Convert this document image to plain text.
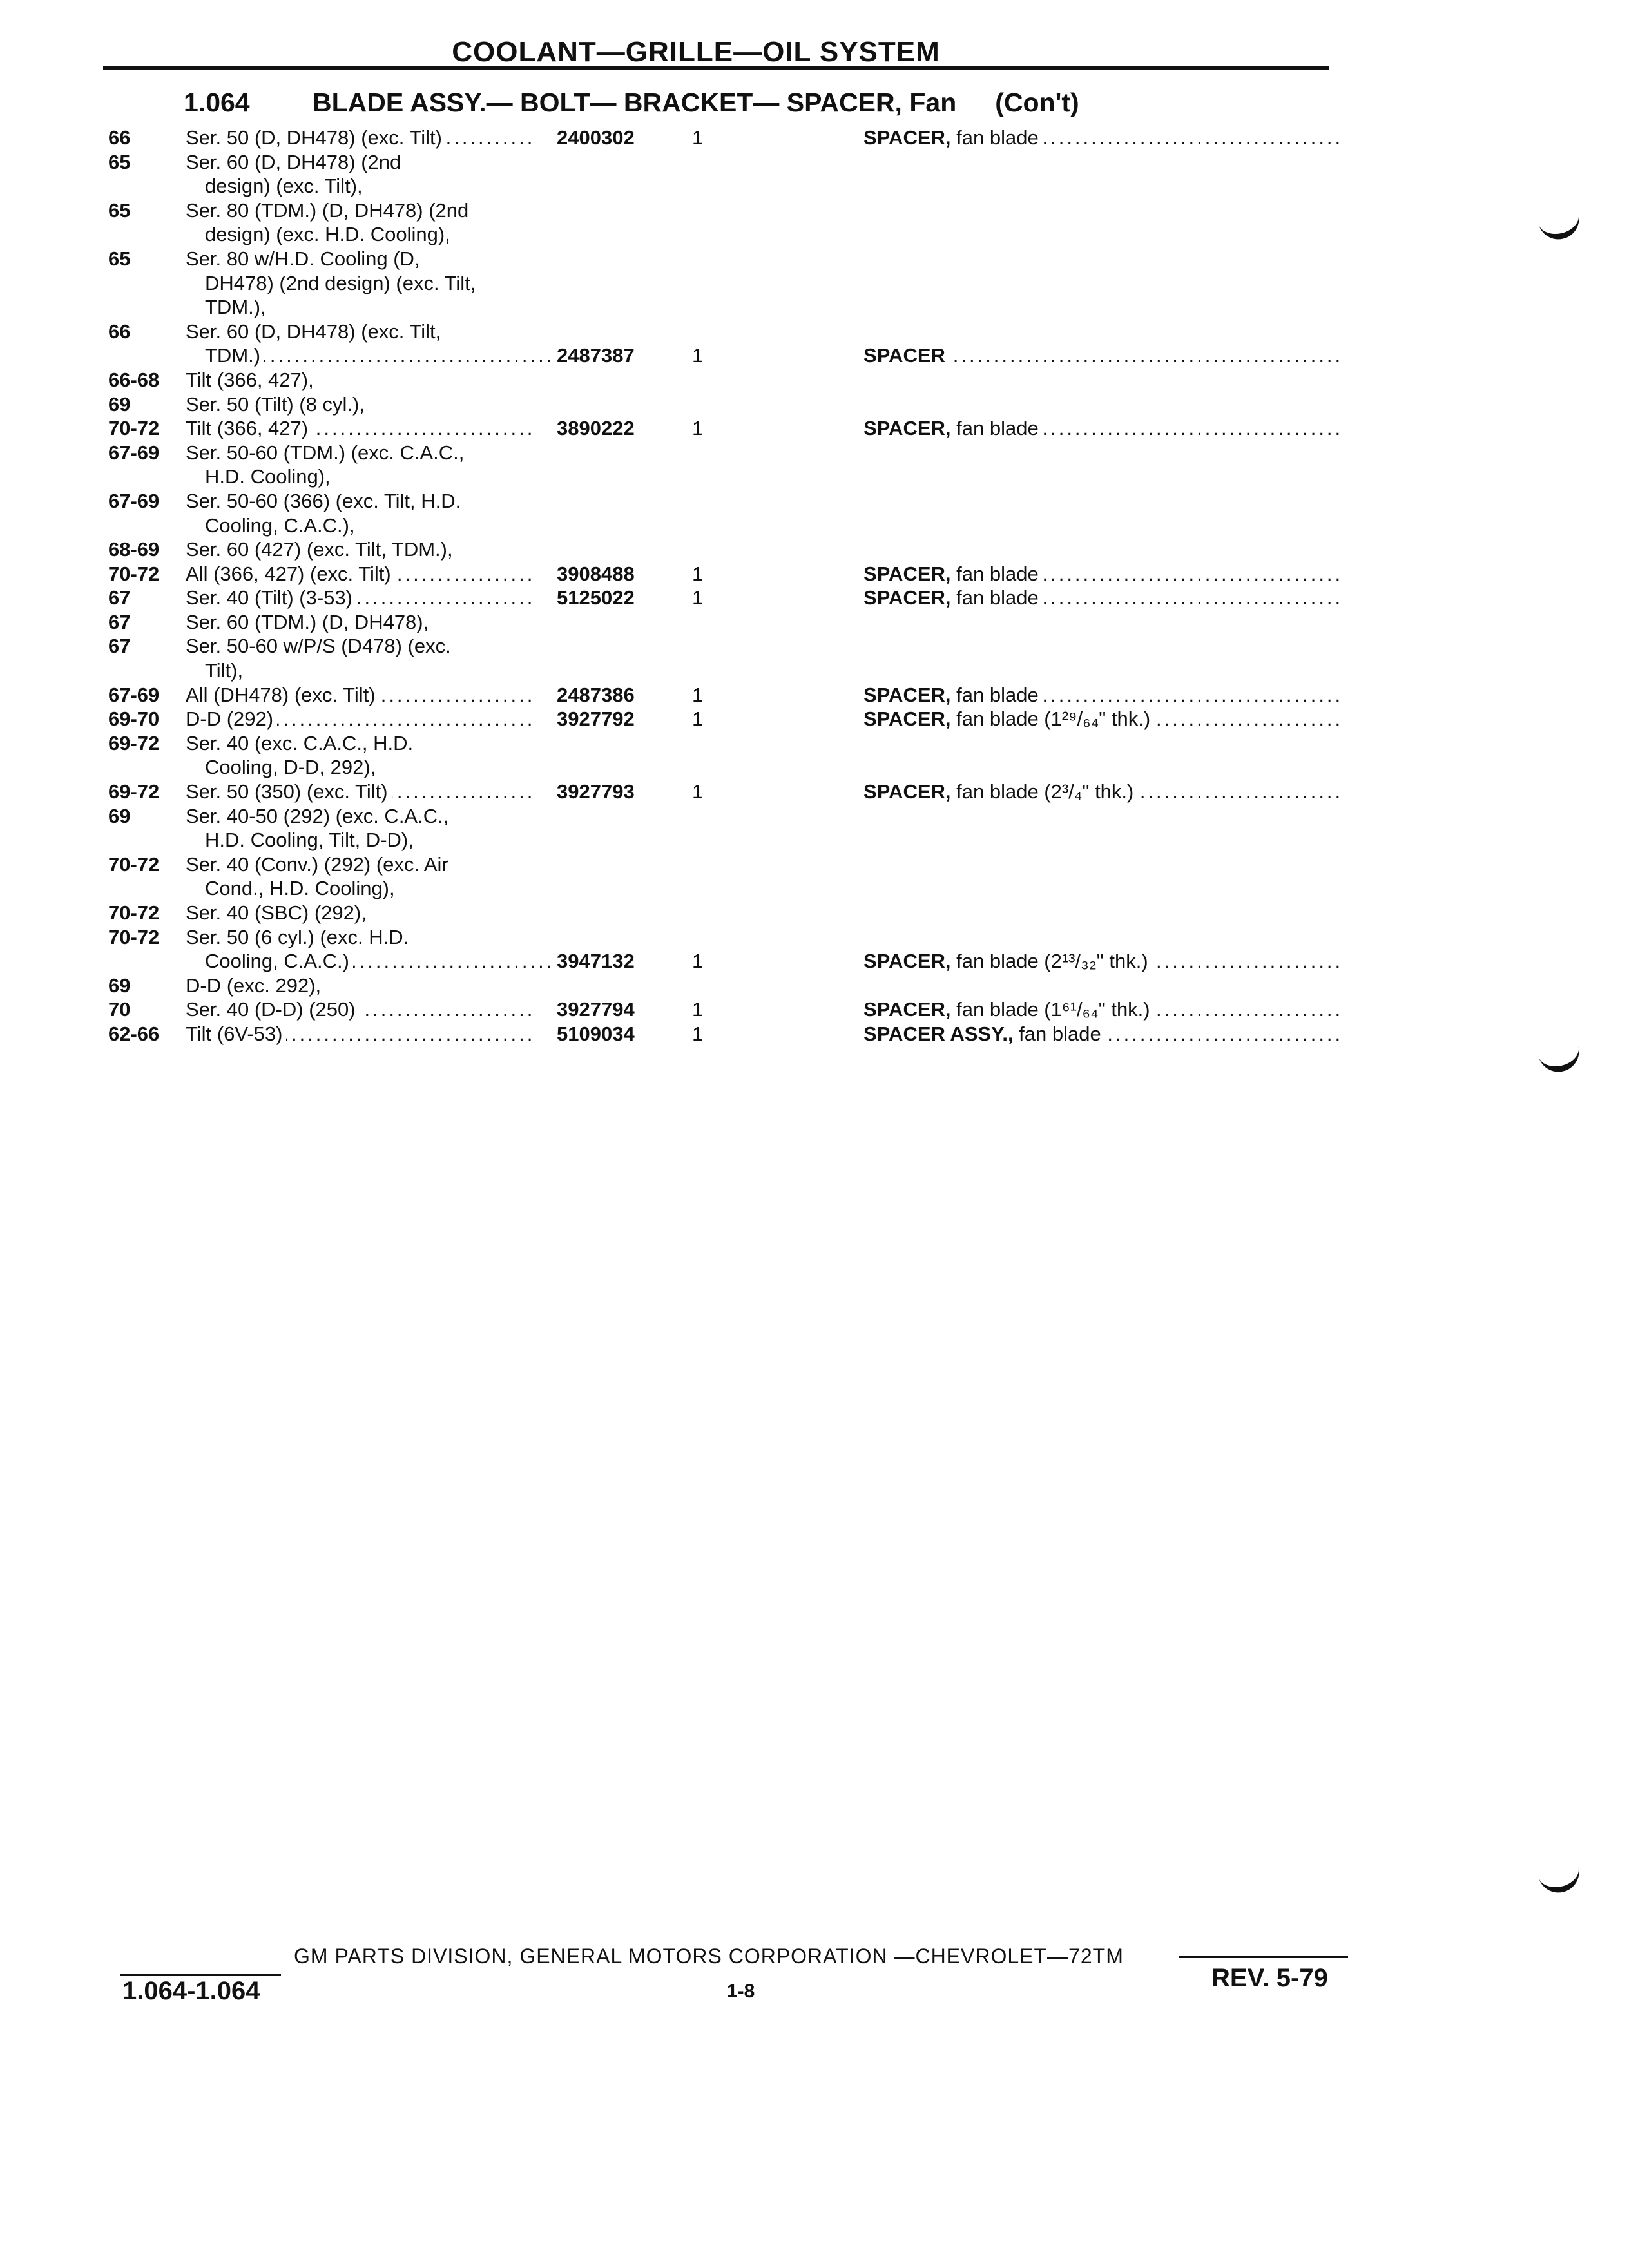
COOLANT—GRILLE—OIL SYSTEM
1.064 BLADE ASSY.— BOLT— BRACKET— SPACER, Fan (Con't)
66	Ser. 50 (D, DH478) (exc. Tilt) .....	2400302	1	SPACER, fan blade .....
65	Ser. 60 (D, DH478) (2nd
design) (exc. Tilt),
65	Ser. 80 (TDM.) (D, DH478) (2nd
design) (exc. H.D. Cooling),
65	Ser. 80 w/H.D. Cooling (D,
DH478) (2nd design) (exc. Tilt,
TDM.),
66	Ser. 60 (D, DH478) (exc. Tilt,
TDM.) .....	2487387	1	SPACER .....
66-68 Tilt (366, 427),
69	Ser. 50 (Tilt) (8 cyl.),
70-72 Tilt (366, 427) .....	3890222	1	SPACER, fan blade .....
67-69 Ser. 50-60 (TDM.) (exc. C.A.C.,
H.D. Cooling),
67-69 Ser. 50-60 (366) (exc. Tilt, H.D.
Cooling, C.A.C.),
68-69 Ser. 60 (427) (exc. Tilt, TDM.),
70-72 All (366, 427) (exc. Tilt) .....	3908488	1	SPACER, fan blade .....
67	Ser. 40 (Tilt) (3-53) .....	5125022	1	SPACER, fan blade .....
67	Ser. 60 (TDM.) (D, DH478),
67	Ser. 50-60 w/P/S (D478) (exc.
Tilt),
67-69 All (DH478) (exc. Tilt) .....	2487386	1	SPACER, fan blade .....
69-70 D-D (292) .....	3927792	1	SPACER, fan blade (1²⁹/₆₄" thk.) .....
69-72 Ser. 40 (exc. C.A.C., H.D.
Cooling, D-D, 292),
69-72 Ser. 50 (350) (exc. Tilt) .....	3927793	1	SPACER, fan blade (2³/₄" thk.) .....
69	Ser. 40-50 (292) (exc. C.A.C.,
H.D. Cooling, Tilt, D-D),
70-72 Ser. 40 (Conv.) (292) (exc. Air
Cond., H.D. Cooling),
70-72 Ser. 40 (SBC) (292),
70-72 Ser. 50 (6 cyl.) (exc. H.D.
Cooling, C.A.C.) .....	3947132	1	SPACER, fan blade (2¹³/₃₂" thk.) .....
69	D-D (exc. 292),
70	Ser. 40 (D-D) (250) .....	3927794	1	SPACER, fan blade (1⁶¹/₆₄" thk.) .....
62-66 Tilt (6V-53) .....	5109034	1	SPACER ASSY., fan blade .....
GM PARTS DIVISION, GENERAL MOTORS CORPORATION —CHEVROLET—72TM
1.064-1.064	1-8	REV. 5-79
